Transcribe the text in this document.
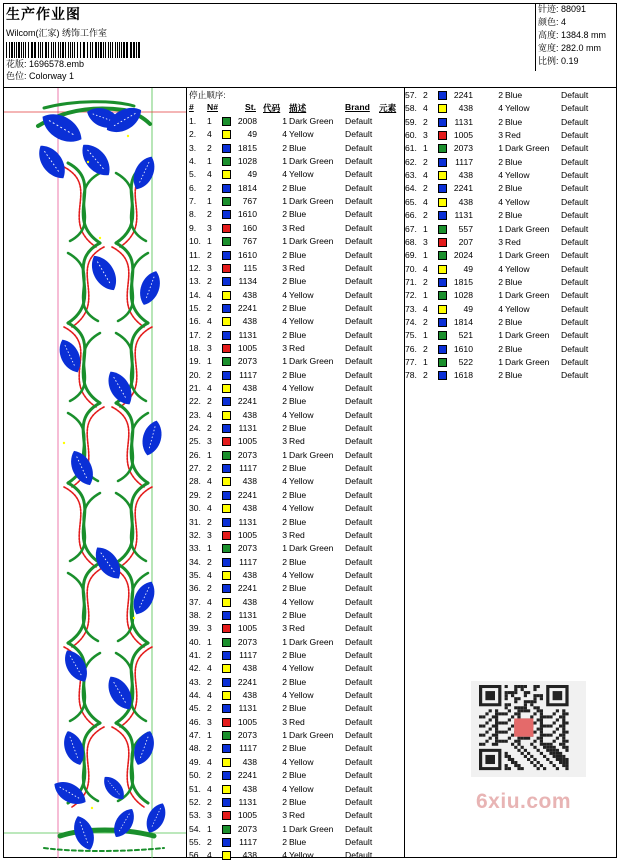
生产作业图
Wilcom(汇家) 绣饰工作室
花版: 1696578.emb
色位: Colorway 1
针迹: 88091
颜色: 4
高度: 1384.8 mm
宽度: 282.0 mm
比例: 0.19
停止顺序:
# N#	St. 代码 描述	Brand 元素
1. 1	2008	1 Dark Green Default
2. 4	49	4 Yellow	Default
3. 2	1815	2 Blue	Default
4. 1	1028	1 Dark Green Default
5. 4	49	4 Yellow	Default
6. 2	1814	2 Blue	Default
7. 1	767	1 Dark Green Default
8. 2	1610	2 Blue	Default
9. 3	160	3 Red	Default
10. 1	767	1 Dark Green Default
11. 2	1610	2 Blue	Default
12. 3	115	3 Red	Default
13. 2	1134	2 Blue	Default
14. 4	438	4 Yellow	Default
15. 2	2241	2 Blue	Default
16. 4	438	4 Yellow	Default
17. 2	1131	2 Blue	Default
18. 3	1005	3 Red	Default
19. 1	2073	1 Dark Green Default
20. 2	1117	2 Blue	Default
21. 4	438	4 Yellow	Default
22. 2	2241	2 Blue	Default
23. 4	438	4 Yellow	Default
24. 2	1131	2 Blue	Default
25. 3	1005	3 Red	Default
26. 1	2073	1 Dark Green Default
27. 2	1117	2 Blue	Default
28. 4	438	4 Yellow	Default
29. 2	2241	2 Blue	Default
30. 4	438	4 Yellow	Default
31. 2	1131	2 Blue	Default
32. 3	1005	3 Red	Default
33. 1	2073	1 Dark Green Default
34. 2	1117	2 Blue	Default
35. 4	438	4 Yellow	Default
36. 2	2241	2 Blue	Default
37. 4	438	4 Yellow	Default
38. 2	1131	2 Blue	Default
39. 3	1005	3 Red	Default
40. 1	2073	1 Dark Green Default
41. 2	1117	2 Blue	Default
42. 4	438	4 Yellow	Default
43. 2	2241	2 Blue	Default
44. 4	438	4 Yellow	Default
45. 2	1131	2 Blue	Default
46. 3	1005	3 Red	Default
47. 1	2073	1 Dark Green Default
48. 2	1117	2 Blue	Default
49. 4	438	4 Yellow	Default
50. 2	2241	2 Blue	Default
51. 4	438	4 Yellow	Default
52. 2	1131	2 Blue	Default
53. 3	1005	3 Red	Default
54. 1	2073	1 Dark Green Default
55. 2	1117	2 Blue	Default
56. 4	438	4 Yellow	Default
57. 2	2241	2 Blue	Default
58. 4	438	4 Yellow	Default
59. 2	1131	2 Blue	Default
60. 3	1005	3 Red	Default
61. 1	2073	1 Dark Green Default
62. 2	1117	2 Blue	Default
63. 4	438	4 Yellow	Default
64. 2	2241	2 Blue	Default
65. 4	438	4 Yellow	Default
66. 2	1131	2 Blue	Default
67. 1	557	1 Dark Green Default
68. 3	207	3 Red	Default
69. 1	2024	1 Dark Green Default
70. 4	49	4 Yellow	Default
71. 2	1815	2 Blue	Default
72. 1	1028	1 Dark Green Default
73. 4	49	4 Yellow	Default
74. 2	1814	2 Blue	Default
75. 1	521	1 Dark Green Default
76. 2	1610	2 Blue	Default
77. 1	522	1 Dark Green Default
78. 2	1618	2 Blue	Default
6xiu.com
